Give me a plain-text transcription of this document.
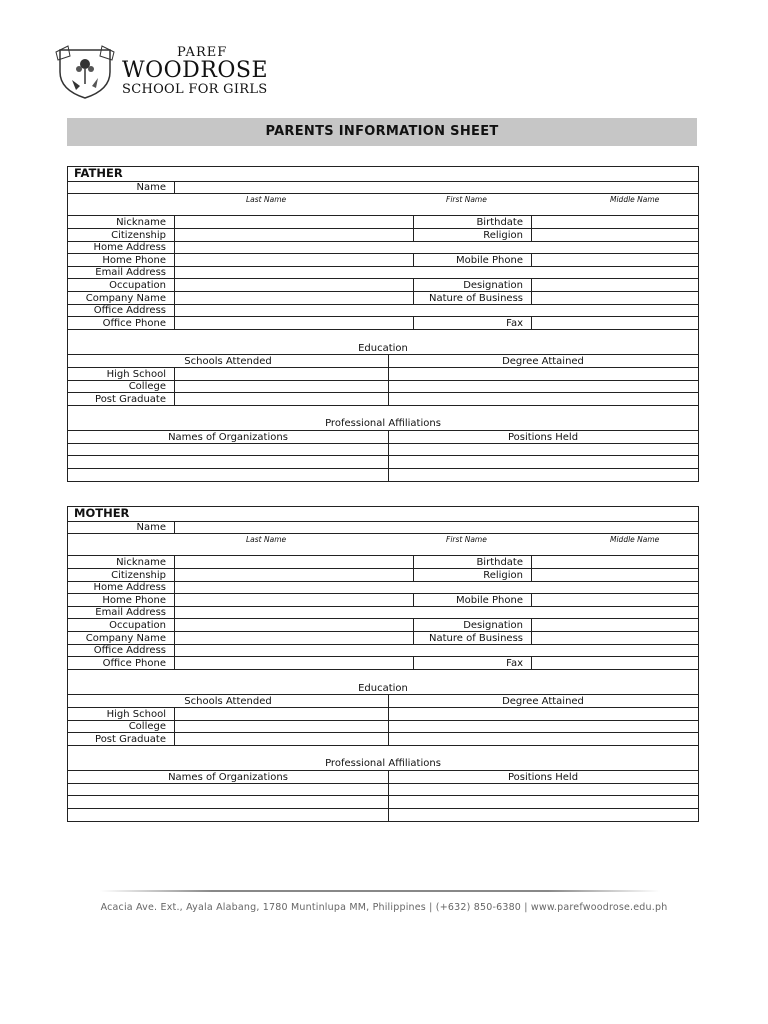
PAREF
WOODROSE
SCHOOL FOR GIRLS
PARENTS INFORMATION SHEET
FATHER
Name
Last Name	First Name	Middle Name
Nickname	Birthdate
Citizenship	Religion
Home Address
Home Phone	Mobile Phone
Email Address
Occupation	Designation
Company Name	Nature of Business
Office Address
Office Phone	Fax
Education
Schools Attended	Degree Attained
High School
College
Post Graduate
Professional Affiliations
Names of Organizations	Positions Held
MOTHER
Name
Last Name	First Name	Middle Name
Nickname	Birthdate
Citizenship	Religion
Home Address
Home Phone	Mobile Phone
Email Address
Occupation	Designation
Company Name	Nature of Business
Office Address
Office Phone	Fax
Education
Schools Attended	Degree Attained
High School
College
Post Graduate
Professional Affiliations
Names of Organizations	Positions Held
Acacia Ave. Ext., Ayala Alabang, 1780 Muntinlupa MM, Philippines | (+632) 850-6380 | www.parefwoodrose.edu.ph
